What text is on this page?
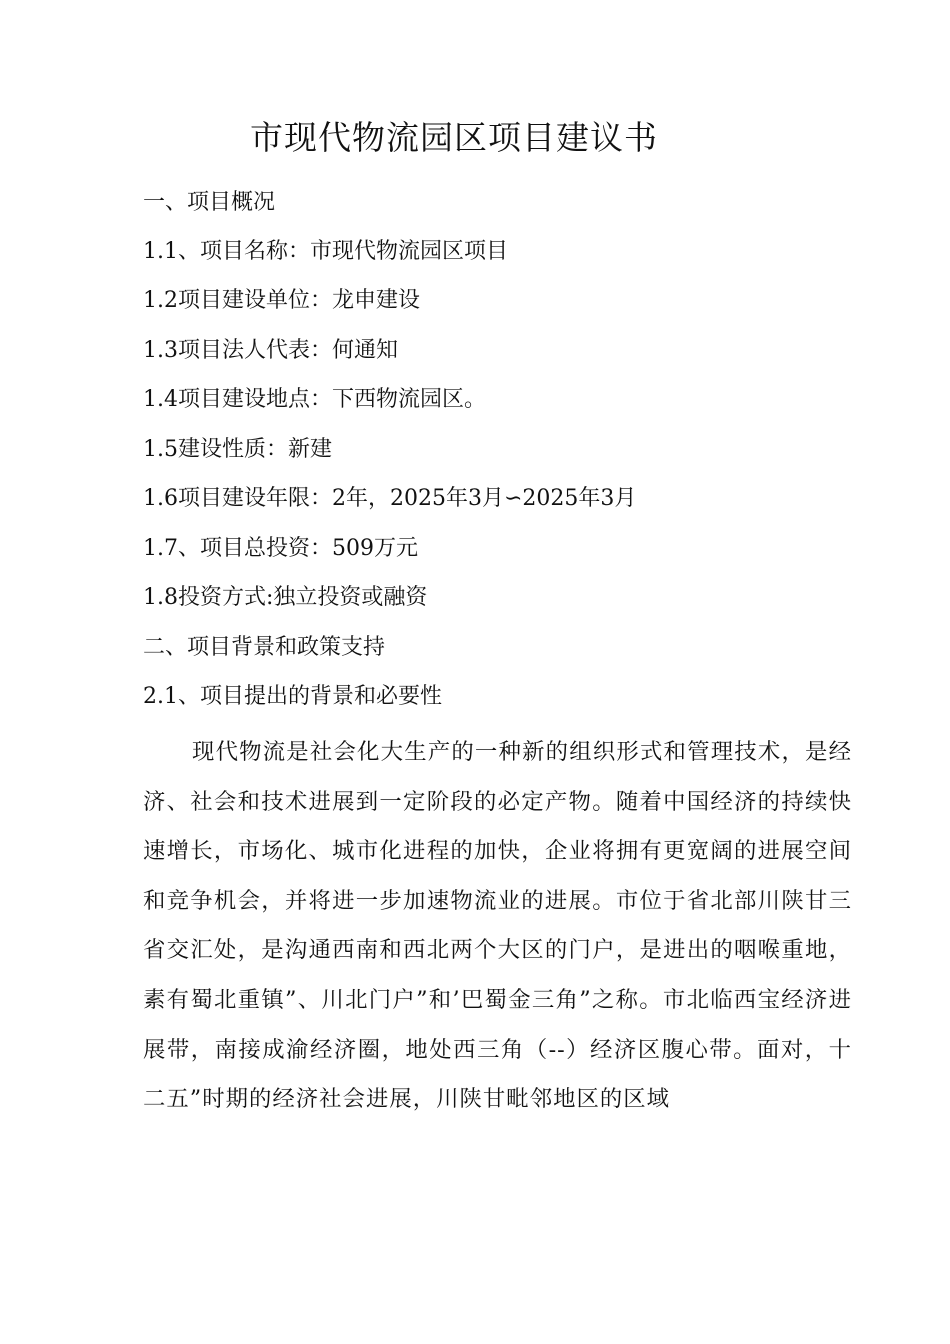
市现代物流园区项目建议书
一、项目概况
1.1、项目名称：市现代物流园区项目
1.2项目建设单位：龙申建设
1.3项目法人代表：何通知
1.4项目建设地点：下西物流园区。
1.5建设性质：新建
1.6项目建设年限：2年，2025年3月∽2025年3月
1.7、项目总投资：509万元
1.8投资方式:独立投资或融资
二、项目背景和政策支持
2.1、项目提出的背景和必要性

现代物流是社会化大生产的一种新的组织形式和管理技术，是经济、社会和技术进展到一定阶段的必定产物。随着中国经济的持续快速增长，市场化、城市化进程的加快，企业将拥有更宽阔的进展空间和竞争机会，并将进一步加速物流业的进展。市位于省北部川陕甘三省交汇处，是沟通西南和西北两个大区的门户，是进出的咽喉重地，素有蜀北重镇”、川北门户”和’巴蜀金三角”之称。市北临西宝经济进展带，南接成渝经济圈，地处西三角（--）经济区腹心带。面对，十二五”时期的经济社会进展，川陕甘毗邻地区的区域
